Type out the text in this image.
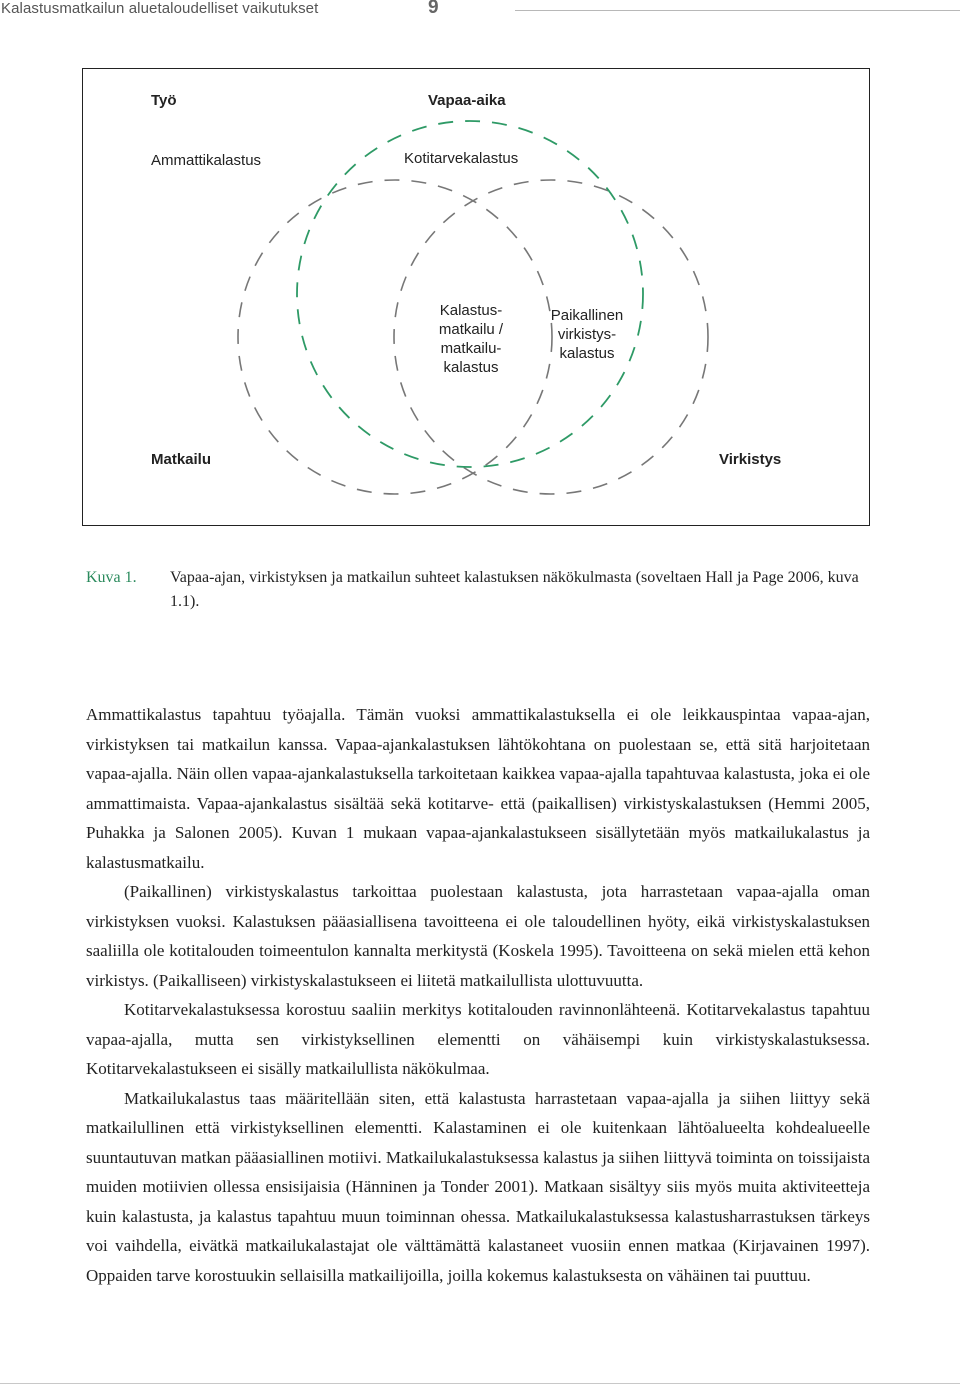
Kalastusmatkailun aluetaloudelliset vaikutukset	9
Työ	Vapaa-aika
Ammattikalastus	Kotitarvekalastus
Kalastus-
matkailu /
matkailu-
kalastus
Paikallinen
virkistys-
kalastus
Matkailu	Virkistys
Kuva 1. Vapaa-ajan, virkistyksen ja matkailun suhteet kalastuksen näkökulmasta (soveltaen Hall ja Page 2006, kuva 1.1).

Ammattikalastus tapahtuu työajalla. Tämän vuoksi ammattikalastuksella ei ole leikkauspintaa vapaa-ajan, virkistyksen tai matkailun kanssa. Vapaa-ajankalastuksen lähtökohtana on puolestaan se, että sitä harjoitetaan vapaa-ajalla. Näin ollen vapaa-ajankalastuksella tarkoitetaan kaikkea vapaa-ajalla tapahtuvaa kalastusta, joka ei ole ammattimaista. Vapaa-ajankalastus sisältää sekä kotitarve- että (paikallisen) virkistyskalastuksen (Hemmi 2005, Puhakka ja Salonen 2005). Kuvan 1 mukaan vapaa-ajankalastukseen sisällytetään myös matkailukalastus ja kalastusmatkailu.

(Paikallinen) virkistyskalastus tarkoittaa puolestaan kalastusta, jota harrastetaan vapaa-ajalla oman virkistyksen vuoksi. Kalastuksen pääasiallisena tavoitteena ei ole taloudellinen hyöty, eikä virkistyskalastuksen saaliilla ole kotitalouden toimeentulon kannalta merkitystä (Koskela 1995). Tavoitteena on sekä mielen että kehon virkistys. (Paikalliseen) virkistyskalastukseen ei liitetä matkailullista ulottuvuutta.

Kotitarvekalastuksessa korostuu saaliin merkitys kotitalouden ravinnonlähteenä. Kotitarvekalastus tapahtuu vapaa-ajalla, mutta sen virkistyksellinen elementti on vähäisempi kuin virkistyskalastuksessa. Kotitarvekalastukseen ei sisälly matkailullista näkökulmaa.

Matkailukalastus taas määritellään siten, että kalastusta harrastetaan vapaa-ajalla ja siihen liittyy sekä matkailullinen että virkistyksellinen elementti. Kalastaminen ei ole kuitenkaan lähtöalueelta kohdealueelle suuntautuvan matkan pääasiallinen motiivi. Matkailukalastuksessa kalastus ja siihen liittyvä toiminta on toissijaista muiden motiivien ollessa ensisijaisia (Hänninen ja Tonder 2001). Matkaan sisältyy siis myös muita aktiviteetteja kuin kalastusta, ja kalastus tapahtuu muun toiminnan ohessa. Matkailukalastuksessa kalastusharrastuksen tärkeys voi vaihdella, eivätkä matkailukalastajat ole välttämättä kalastaneet vuosiin ennen matkaa (Kirjavainen 1997). Oppaiden tarve korostuukin sellaisilla matkailijoilla, joilla kokemus kalastuksesta on vähäinen tai puuttuu.
